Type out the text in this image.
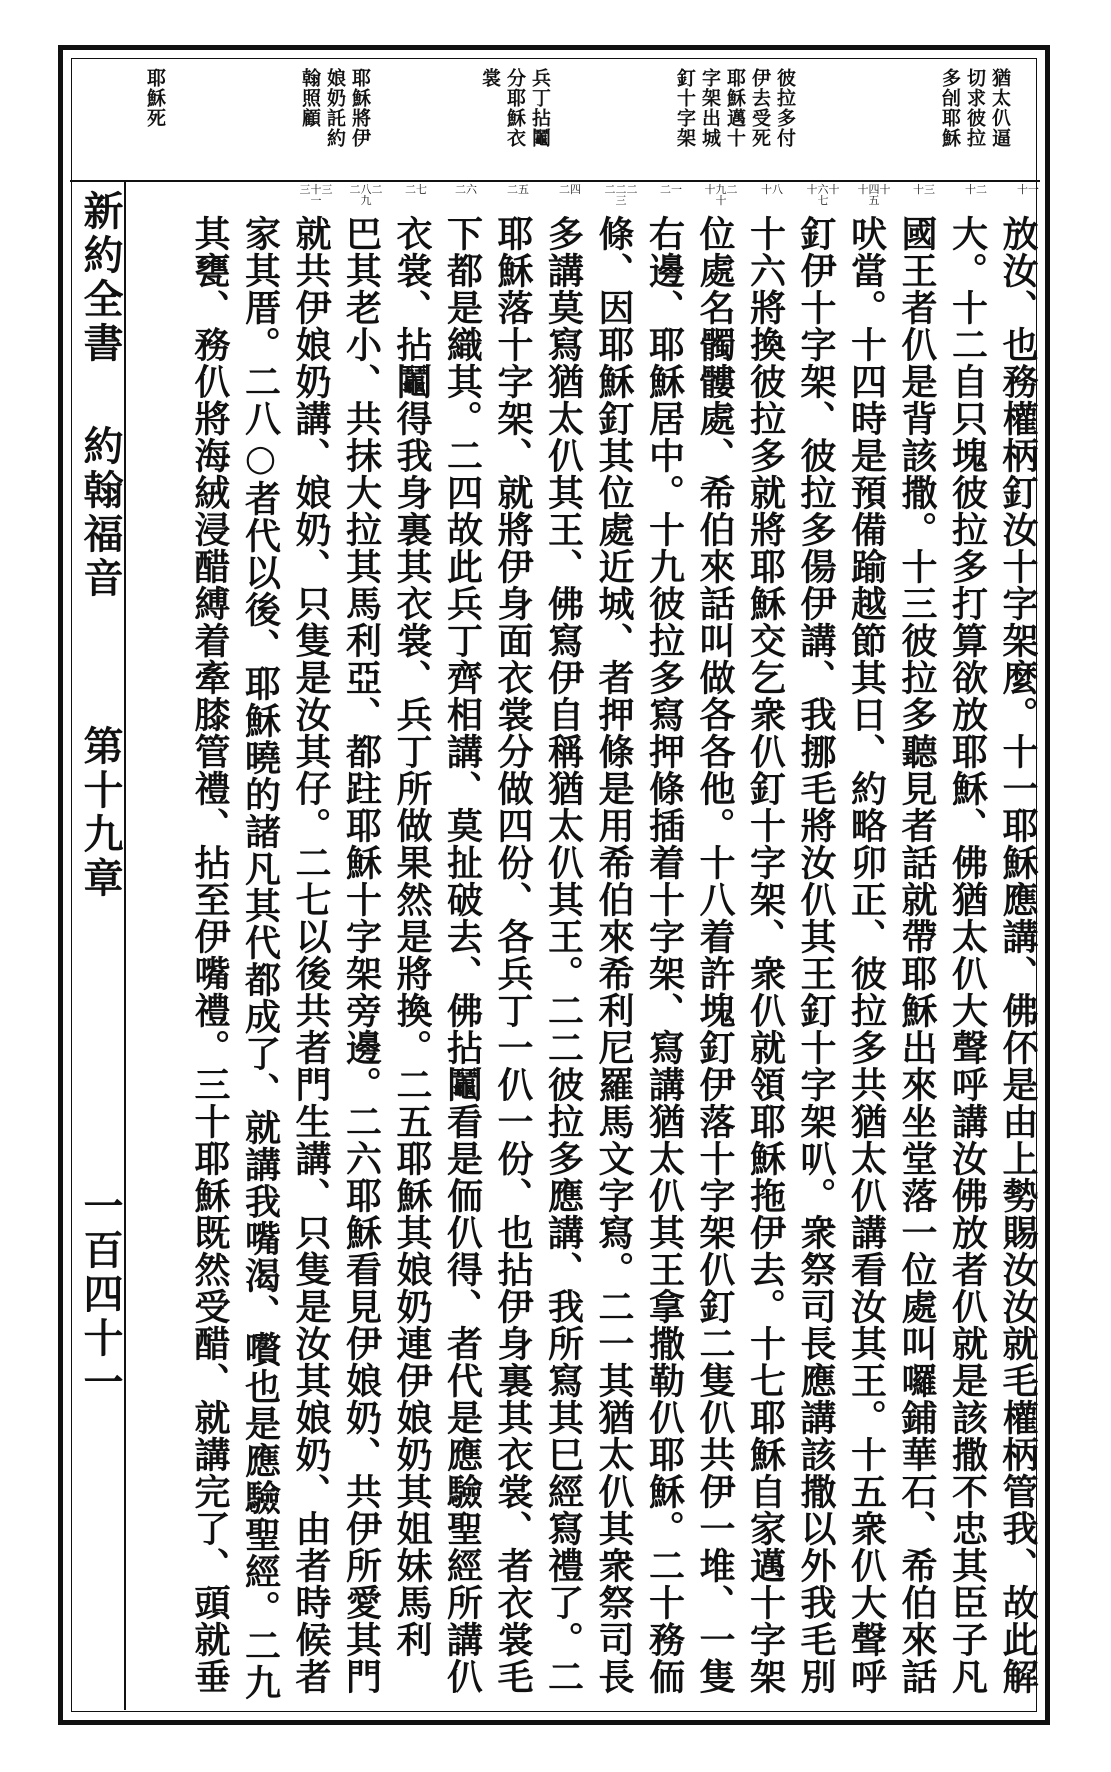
猶太仈逼
切求彼拉
多刣耶穌
彼拉多付
伊去受死
耶穌邁十
字架出城
釘十字架
兵丁拈鬮
分耶穌衣
裳
耶穌將伊
娘奶託約
翰照顧
耶穌死
十一
十二
十三
十四十五
十六十七
十八
十九二十
二一
二二二三
二四
二五
二六
二七
二八二九
三十三一
放汝、也務權柄釘汝十字架麼。十一耶穌應講、佛伓是由上勢賜汝汝就毛權柄管我、故此解
大。十二自只塊彼拉多打算欲放耶穌、佛猶太仈大聲呼講汝佛放者仈就是該撒不忠其臣子凡
國王者仈是背該撒。十三彼拉多聽見者話就帶耶穌出來坐堂落一位處叫囉鋪華石、希伯來話
吠當。十四時是預備踰越節其日、約略卯正、彼拉多共猶太仈講看汝其王。十五衆仈大聲呼
釘伊十字架、彼拉多偒伊講、我挪毛將汝仈其王釘十字架叭。衆祭司長應講該撒以外我毛別
十六將換彼拉多就將耶穌交乞衆仈釘十字架、衆仈就領耶穌拖伊去。十七耶穌自家邁十字架
位處名髑髏處、希伯來話叫做各各他。十八着許塊釘伊落十字架仈釘二隻仈共伊一堆、一隻
右邊、耶穌居中。十九彼拉多寫押條插着十字架、寫講猶太仈其王拿撒勒仈耶穌。二十務侕
條、因耶穌釘其位處近城、者押條是用希伯來希利尼羅馬文字寫。二一其猶太仈其衆祭司長
多講莫寫猶太仈其王、佛寫伊自稱猶太仈其王。二二彼拉多應講、我所寫其巳經寫禮了。二
耶穌落十字架、就將伊身面衣裳分做四份、各兵丁一仈一份、也拈伊身裏其衣裳、者衣裳毛
下都是織其。二四故此兵丁齊相講、莫扯破去、佛拈鬮看是侕仈得、者代是應驗聖經所講仈
衣裳、拈鬮得我身裏其衣裳、兵丁所做果然是將換。二五耶穌其娘奶連伊娘奶其姐妹馬利
巴其老小、共抹大拉其馬利亞、都跓耶穌十字架旁邊。二六耶穌看見伊娘奶、共伊所愛其門
就共伊娘奶講、娘奶、只隻是汝其仔。二七以後共者門生講、只隻是汝其娘奶、由者時候者
家其厝。二八○者代以後、耶穌曉的諸凡其代都成了、就講我嘴渴、嚽也是應驗聖經。二九
其甕、務仈將海絨浸醋縛着牽膝管禮、拈至伊嘴禮。三十耶穌既然受醋、就講完了、頭就垂
新約全書
約翰福音
第十九章
一百四十一
